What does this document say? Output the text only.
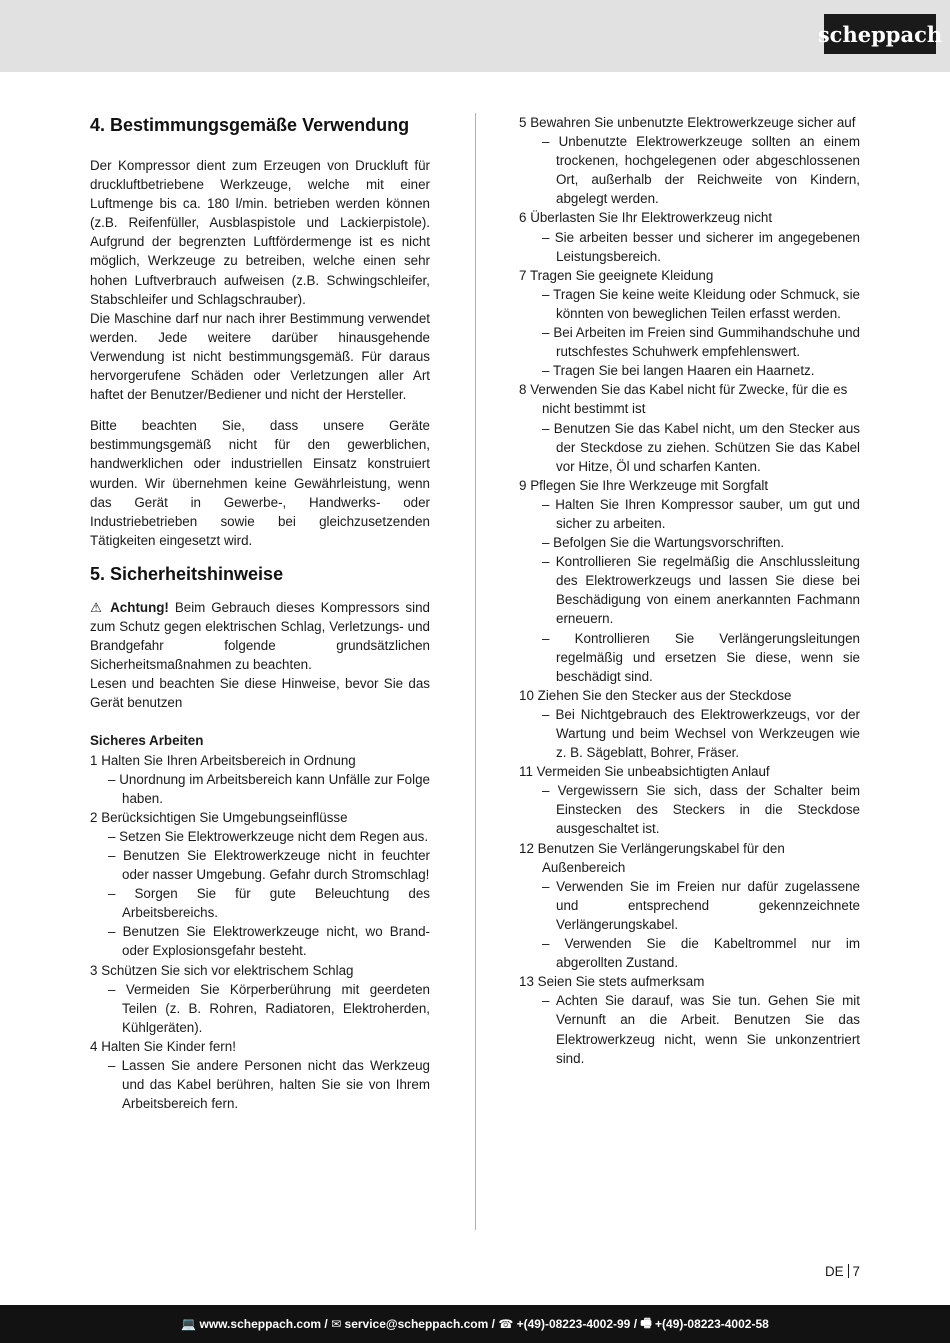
scheppach
4. Bestimmungsgemäße Verwendung

Der Kompressor dient zum Erzeugen von Druckluft für druckluftbetriebene Werkzeuge, welche mit einer Luftmenge bis ca. 180 l/min. betrieben werden können (z.B. Reifenfüller, Ausblaspistole und Lackierpistole). Aufgrund der begrenzten Luftfördermenge ist es nicht möglich, Werkzeuge zu betreiben, welche einen sehr hohen Luftverbrauch aufweisen (z.B. Schwingschleifer, Stabschleifer und Schlagschrauber).

Die Maschine darf nur nach ihrer Bestimmung verwendet werden. Jede weitere darüber hinausgehende Verwendung ist nicht bestimmungsgemäß. Für daraus hervorgerufene Schäden oder Verletzungen aller Art haftet der Benutzer/Bediener und nicht der Hersteller.

Bitte beachten Sie, dass unsere Geräte bestimmungsgemäß nicht für den gewerblichen, handwerklichen oder industriellen Einsatz konstruiert wurden. Wir übernehmen keine Gewährleistung, wenn das Gerät in Gewerbe-, Handwerks- oder Industriebetrieben sowie bei gleichzusetzenden Tätigkeiten eingesetzt wird.

5. Sicherheitshinweise

⚠ Achtung! Beim Gebrauch dieses Kompressors sind zum Schutz gegen elektrischen Schlag, Verletzungs- und Brandgefahr folgende grundsätzlichen Sicherheitsmaßnahmen zu beachten.

Lesen und beachten Sie diese Hinweise, bevor Sie das Gerät benutzen

Sicheres Arbeiten

1 Halten Sie Ihren Arbeitsbereich in Ordnung

– Unordnung im Arbeitsbereich kann Unfälle zur Folge haben.

2 Berücksichtigen Sie Umgebungseinflüsse

– Setzen Sie Elektrowerkzeuge nicht dem Regen aus.

– Benutzen Sie Elektrowerkzeuge nicht in feuchter oder nasser Umgebung. Gefahr durch Stromschlag!

– Sorgen Sie für gute Beleuchtung des Arbeitsbereichs.

– Benutzen Sie Elektrowerkzeuge nicht, wo Brand- oder Explosionsgefahr besteht.

3 Schützen Sie sich vor elektrischem Schlag

– Vermeiden Sie Körperberührung mit geerdeten Teilen (z. B. Rohren, Radiatoren, Elektroherden, Kühlgeräten).

4 Halten Sie Kinder fern!

– Lassen Sie andere Personen nicht das Werkzeug und das Kabel berühren, halten Sie sie von Ihrem Arbeitsbereich fern.

5 Bewahren Sie unbenutzte Elektrowerkzeuge sicher auf

– Unbenutzte Elektrowerkzeuge sollten an einem trockenen, hochgelegenen oder abgeschlossenen Ort, außerhalb der Reichweite von Kindern, abgelegt werden.

6 Überlasten Sie Ihr Elektrowerkzeug nicht

– Sie arbeiten besser und sicherer im angegebenen Leistungsbereich.

7 Tragen Sie geeignete Kleidung

– Tragen Sie keine weite Kleidung oder Schmuck, sie könnten von beweglichen Teilen erfasst werden.

– Bei Arbeiten im Freien sind Gummihandschuhe und rutschfestes Schuhwerk empfehlenswert.

– Tragen Sie bei langen Haaren ein Haarnetz.

8 Verwenden Sie das Kabel nicht für Zwecke, für die es nicht bestimmt ist

– Benutzen Sie das Kabel nicht, um den Stecker aus der Steckdose zu ziehen. Schützen Sie das Kabel vor Hitze, Öl und scharfen Kanten.

9 Pflegen Sie Ihre Werkzeuge mit Sorgfalt

– Halten Sie Ihren Kompressor sauber, um gut und sicher zu arbeiten.

– Befolgen Sie die Wartungsvorschriften.

– Kontrollieren Sie regelmäßig die Anschlussleitung des Elektrowerkzeugs und lassen Sie diese bei Beschädigung von einem anerkannten Fachmann erneuern.

– Kontrollieren Sie Verlängerungsleitungen regelmäßig und ersetzen Sie diese, wenn sie beschädigt sind.

10 Ziehen Sie den Stecker aus der Steckdose

– Bei Nichtgebrauch des Elektrowerkzeugs, vor der Wartung und beim Wechsel von Werkzeugen wie z. B. Sägeblatt, Bohrer, Fräser.

11 Vermeiden Sie unbeabsichtigten Anlauf

– Vergewissern Sie sich, dass der Schalter beim Einstecken des Steckers in die Steckdose ausgeschaltet ist.

12 Benutzen Sie Verlängerungskabel für den Außenbereich

– Verwenden Sie im Freien nur dafür zugelassene und entsprechend gekennzeichnete Verlängerungskabel.

– Verwenden Sie die Kabeltrommel nur im abgerollten Zustand.

13 Seien Sie stets aufmerksam

– Achten Sie darauf, was Sie tun. Gehen Sie mit Vernunft an die Arbeit. Benutzen Sie das Elektrowerkzeug nicht, wenn Sie unkonzentriert sind.

DE 7
💻
www.scheppach.com / ✉
service@scheppach.com / ☎
+(49)-08223-4002-99 / 🖷
+(49)-08223-4002-58
